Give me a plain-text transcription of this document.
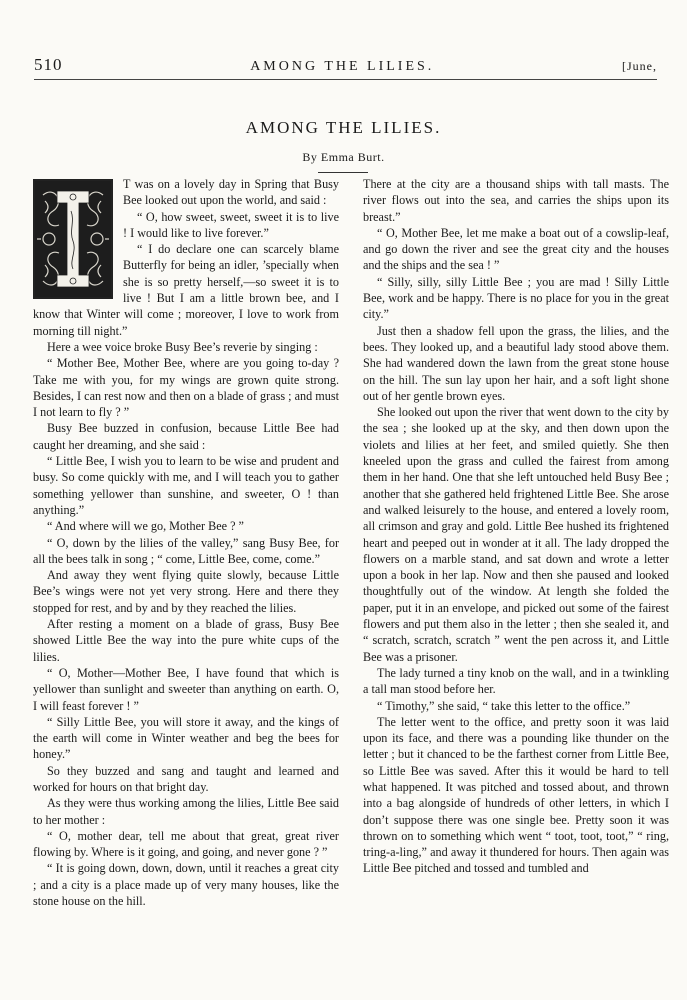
510	AMONG THE LILIES.	[June,
AMONG THE LILIES.
By Emma Burt.

T was on a lovely day in Spring that Busy Bee looked out upon the world, and said :

“ O, how sweet, sweet, sweet it is to live ! I would like to live forever.”

“ I do declare one can scarcely blame Butterfly for being an idler, ’specially when she is so pretty herself,—so sweet it is to live ! But I am a little brown bee, and I know that Winter will come ; moreover, I love to work from morning till night.”

Here a wee voice broke Busy Bee’s reverie by singing :

“ Mother Bee, Mother Bee, where are you going to-day ? Take me with you, for my wings are grown quite strong. Besides, I can rest now and then on a blade of grass ; and must I not learn to fly ? ”

Busy Bee buzzed in confusion, because Little Bee had caught her dreaming, and she said :

“ Little Bee, I wish you to learn to be wise and prudent and busy. So come quickly with me, and I will teach you to gather something yellower than sunshine, and sweeter, O ! than anything.”

“ And where will we go, Mother Bee ? ”

“ O, down by the lilies of the valley,” sang Busy Bee, for all the bees talk in song ; “ come, Little Bee, come, come.”

And away they went flying quite slowly, because Little Bee’s wings were not yet very strong. Here and there they stopped for rest, and by and by they reached the lilies.

After resting a moment on a blade of grass, Busy Bee showed Little Bee the way into the pure white cups of the lilies.

“ O, Mother—Mother Bee, I have found that which is yellower than sunlight and sweeter than anything on earth. O, I will feast forever ! ”

“ Silly Little Bee, you will store it away, and the kings of the earth will come in Winter weather and beg the bees for honey.”

So they buzzed and sang and taught and learned and worked for hours on that bright day.

As they were thus working among the lilies, Little Bee said to her mother :

“ O, mother dear, tell me about that great, great river flowing by. Where is it going, and going, and never gone ? ”

“ It is going down, down, down, until it reaches a great city ; and a city is a place made up of very many houses, like the stone house on the hill.

There at the city are a thousand ships with tall masts. The river flows out into the sea, and carries the ships upon its breast.”

“ O, Mother Bee, let me make a boat out of a cowslip-leaf, and go down the river and see the great city and the houses and the ships and the sea ! ”

“ Silly, silly, silly Little Bee ; you are mad ! Silly Little Bee, work and be happy. There is no place for you in the great city.”

Just then a shadow fell upon the grass, the lilies, and the bees. They looked up, and a beautiful lady stood above them. She had wandered down the lawn from the great stone house on the hill. The sun lay upon her hair, and a soft light shone out of her gentle brown eyes.

She looked out upon the river that went down to the city by the sea ; she looked up at the sky, and then down upon the violets and lilies at her feet, and smiled quietly. She then kneeled upon the grass and culled the fairest from among them in her hand. One that she left untouched held Busy Bee ; another that she gathered held frightened Little Bee. She arose and walked leisurely to the house, and entered a lovely room, all crimson and gray and gold. Little Bee hushed its frightened heart and peeped out in wonder at it all. The lady dropped the flowers on a marble stand, and sat down and wrote a letter upon a book in her lap. Now and then she paused and looked thoughtfully out of the window. At length she folded the paper, put it in an envelope, and picked out some of the fairest flowers and put them also in the letter ; then she sealed it, and “ scratch, scratch, scratch ” went the pen across it, and Little Bee was a prisoner.

The lady turned a tiny knob on the wall, and in a twinkling a tall man stood before her.

“ Timothy,” she said, “ take this letter to the office.”

The letter went to the office, and pretty soon it was laid upon its face, and there was a pounding like thunder on the letter ; but it chanced to be the farthest corner from Little Bee, so Little Bee was saved. After this it would be hard to tell what happened. It was pitched and tossed about, and thrown into a bag alongside of hundreds of other letters, in which I don’t suppose there was one single bee. Pretty soon it was thrown on to something which went “ toot, toot, toot,” “ ring, tring-a-ling,” and away it thundered for hours. Then again was Little Bee pitched and tossed and tumbled and
